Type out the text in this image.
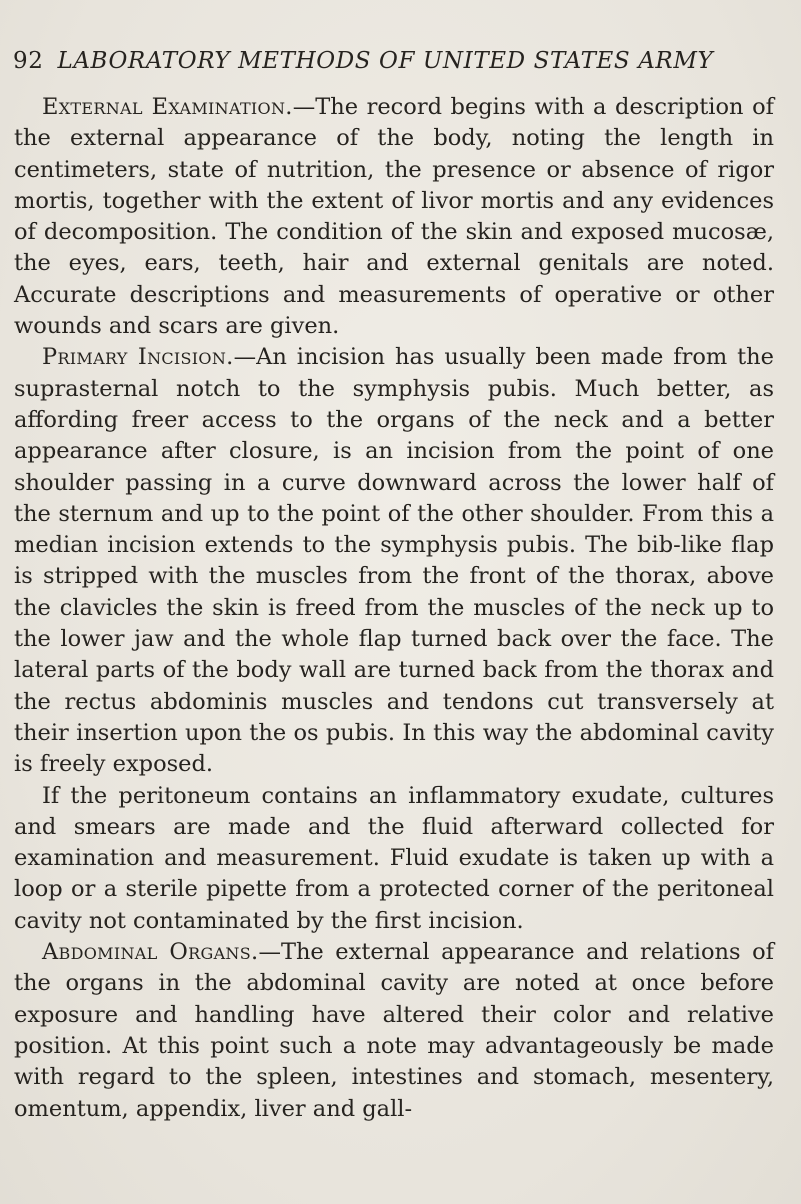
92 LABORATORY METHODS OF UNITED STATES ARMY

External Examination.—The record begins with a description of the external appearance of the body, noting the length in centimeters, state of nutrition, the presence or absence of rigor mortis, together with the extent of livor mortis and any evidences of decomposition. The condition of the skin and exposed mucosæ, the eyes, ears, teeth, hair and external genitals are noted. Accurate descriptions and measurements of operative or other wounds and scars are given.

Primary Incision.—An incision has usually been made from the suprasternal notch to the symphysis pubis. Much better, as affording freer access to the organs of the neck and a better appearance after closure, is an incision from the point of one shoulder passing in a curve downward across the lower half of the sternum and up to the point of the other shoulder. From this a median incision extends to the symphysis pubis. The bib-like flap is stripped with the muscles from the front of the thorax, above the clavicles the skin is freed from the muscles of the neck up to the lower jaw and the whole flap turned back over the face. The lateral parts of the body wall are turned back from the thorax and the rectus abdominis muscles and tendons cut transversely at their insertion upon the os pubis. In this way the abdominal cavity is freely exposed.

If the peritoneum contains an inflammatory exudate, cultures and smears are made and the fluid afterward collected for examination and measurement. Fluid exudate is taken up with a loop or a sterile pipette from a protected corner of the peritoneal cavity not contaminated by the first incision.

Abdominal Organs.—The external appearance and relations of the organs in the abdominal cavity are noted at once before exposure and handling have altered their color and relative position. At this point such a note may advantageously be made with regard to the spleen, intestines and stomach, mesentery, omentum, appendix, liver and gall-
